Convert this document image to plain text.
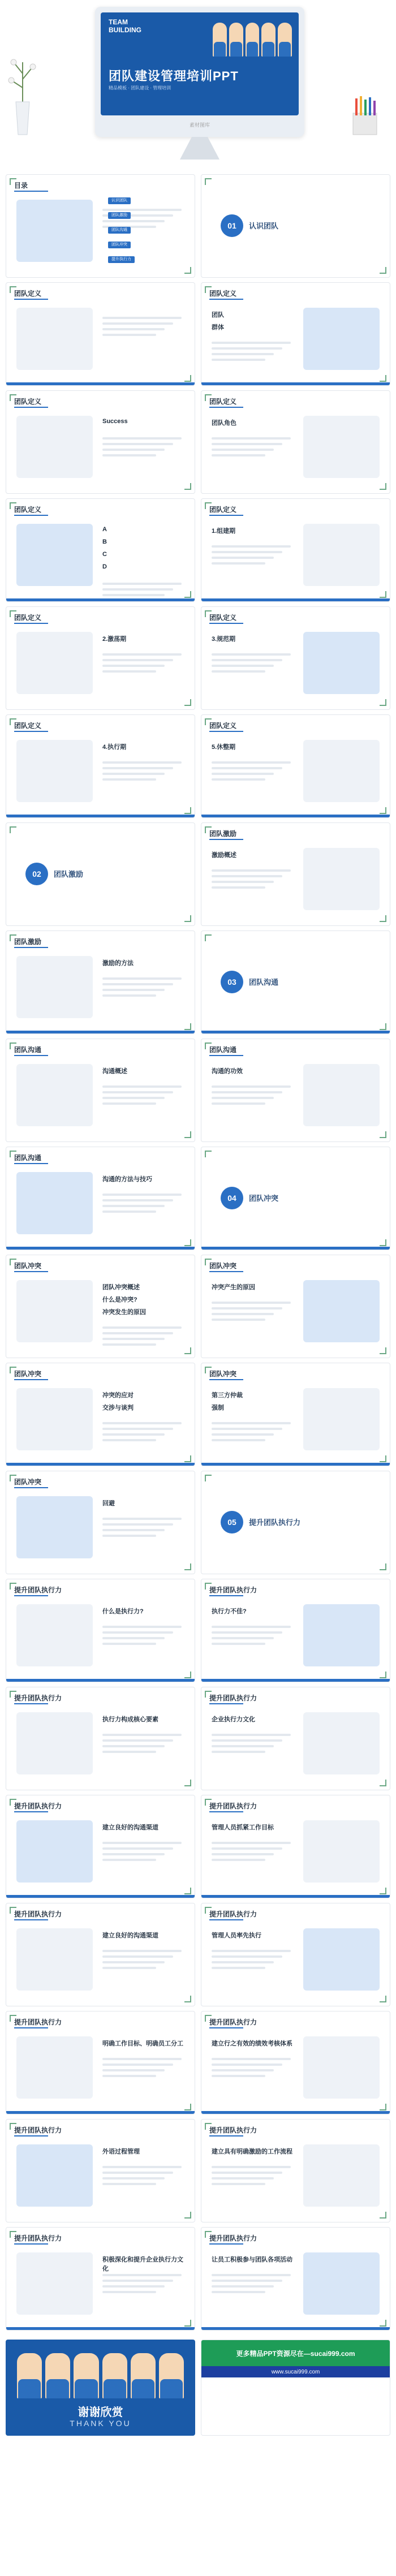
TEAM
BUILDING
团队建设管理培训PPT
精品模板 · 团队建设 · 管理培训
素材图库
目录
认识团队
团队激励
团队沟通
团队冲突
提升执行力
01	认识团队
团队定义	团队定义
团队
群体
团队定义
Success
团队定义
团队角色
团队定义
A
B
C
D
团队定义
1.组建期
团队定义
2.激荡期
团队定义
3.规范期
团队定义
4.执行期
团队定义
5.休整期
02	团队激励
团队激励
激励概述
团队激励
激励的方法
03	团队沟通
团队沟通
沟通概述
团队沟通
沟通的功效
团队沟通
沟通的方法与技巧
04	团队冲突
团队冲突
团队冲突概述
什么是冲突?
冲突发生的原因
团队冲突
冲突产生的原因
团队冲突
冲突的应对
交涉与谈判
团队冲突
第三方仲裁
强制
团队冲突
回避
05	提升团队执行力
提升团队执行力
什么是执行力?
提升团队执行力
执行力不佳?
提升团队执行力
执行力构成核心要素
提升团队执行力
企业执行力文化
提升团队执行力
建立良好的沟通渠道
提升团队执行力
管理人员抓紧工作目标
提升团队执行力
建立良好的沟通渠道
提升团队执行力
管理人员率先执行
提升团队执行力
明确工作目标、明确员工分工
提升团队执行力
建立行之有效的绩效考核体系
提升团队执行力
外语过程管理
提升团队执行力
建立具有明确激励的工作流程
提升团队执行力
积极深化和提升企业执行力文化
提升团队执行力
让员工积极参与团队各项活动
谢谢欣赏
THANK YOU
更多精品PPT资源尽在—sucai999.com
www.sucai999.com
